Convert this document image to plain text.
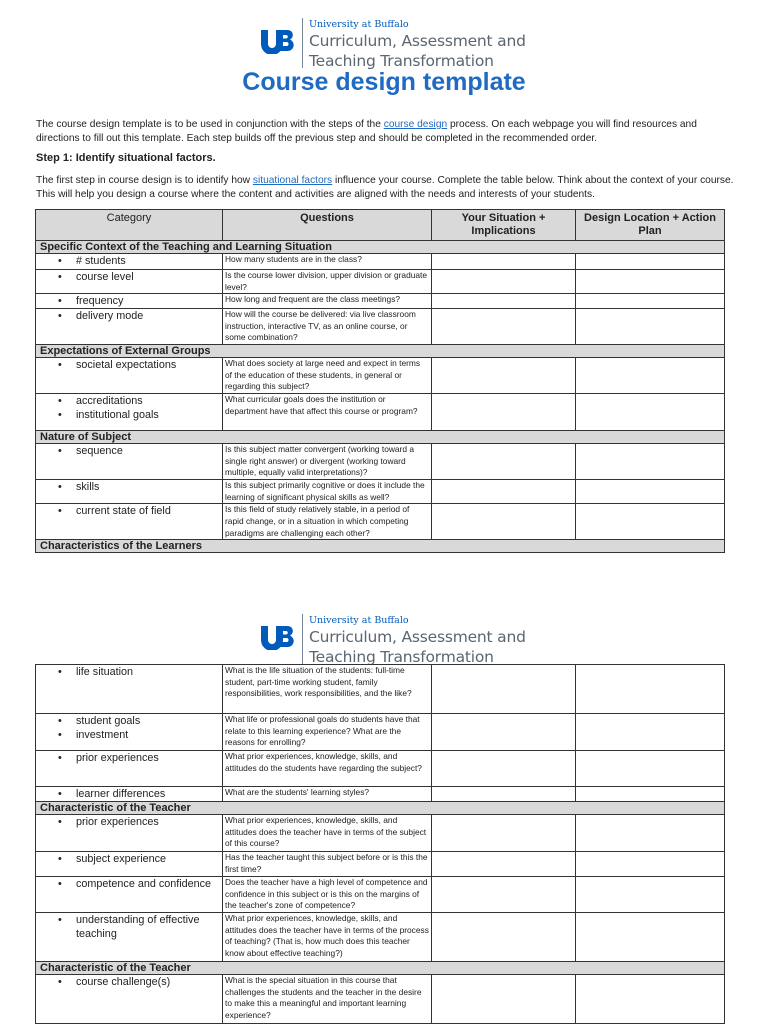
University at Buffalo
Curriculum, Assessment and
Teaching Transformation
Course design template
The course design template is to be used in conjunction with the steps of the course design process. On each webpage you will find resources and directions to fill out this template. Each step builds off the previous step and should be completed in the recommended order.
Step 1: Identify situational factors.
The first step in course design is to identify how situational factors influence your course. Complete the table below. Think about the context of your course. This will help you design a course where the content and activities are aligned with the needs and interests of your students.
Category	Questions	Your Situation + Implications	Design Location + Action Plan
Specific Context of the Teaching and Learning Situation			

• # students	How many students are in the class?		

• course level	Is the course lower division, upper division or graduate level?		

• frequency	How long and frequent are the class meetings?		

• delivery mode	How will the course be delivered: via live classroom instruction, interactive TV, as an online course, or some combination?		
Expectations of External Groups			

• societal expectations	What does society at large need and expect in terms of the education of these students, in general or regarding this subject?		

• accreditations
• institutional goals	What curricular goals does the institution or department have that affect this course or program?		
Nature of Subject			

• sequence	Is this subject matter convergent (working toward a single right answer) or divergent (working toward multiple, equally valid interpretations)?		

• skills	Is this subject primarily cognitive or does it include the learning of significant physical skills as well?		

• current state of field	Is this field of study relatively stable, in a period of rapid change, or in a situation in which competing paradigms are challenging each other?		
Characteristics of the Learners			
University at Buffalo
Curriculum, Assessment and
Teaching Transformation
• life situation	What is the life situation of the students: full-time student, part-time working student, family responsibilities, work responsibilities, and the like?		

• student goals
• investment	What life or professional goals do students have that relate to this learning experience? What are the reasons for enrolling?		

• prior experiences	What prior experiences, knowledge, skills, and attitudes do the students have regarding the subject?		

• learner differences	What are the students' learning styles?		
Characteristic of the Teacher			

• prior experiences	What prior experiences, knowledge, skills, and attitudes does the teacher have in terms of the subject of this course?		

• subject experience	Has the teacher taught this subject before or is this the first time?		

• competence and confidence	Does the teacher have a high level of competence and confidence in this subject or is this on the margins of the teacher's zone of competence?		

• understanding of effective teaching	What prior experiences, knowledge, skills, and attitudes does the teacher have in terms of the process of teaching? (That is, how much does this teacher know about effective teaching?)		
Characteristic of the Teacher			

• course challenge(s)	What is the special situation in this course that challenges the students and the teacher in the desire to make this a meaningful and important learning experience?		
